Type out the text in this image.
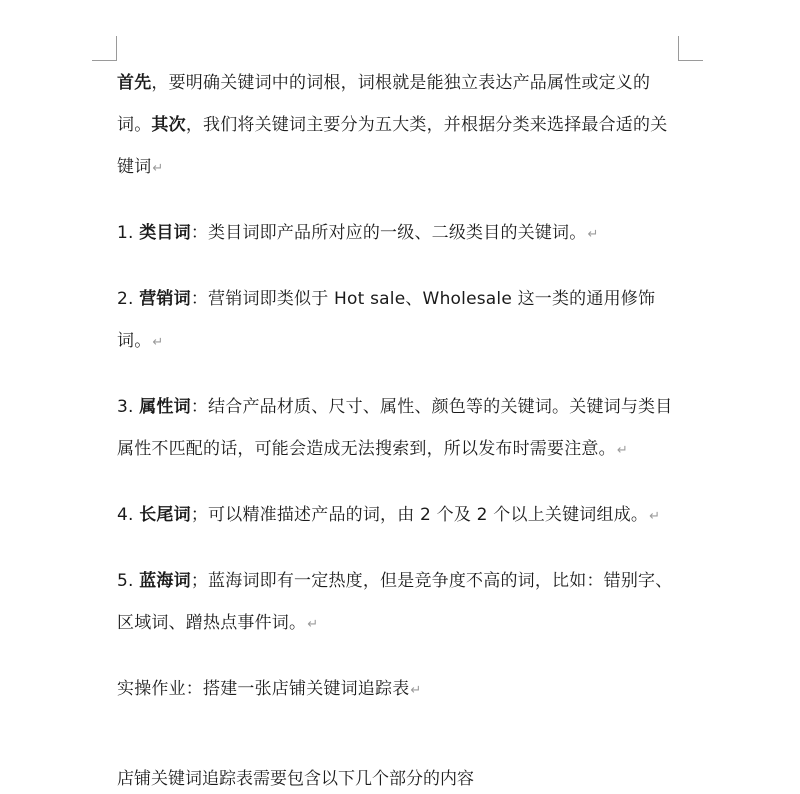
首先，要明确关键词中的词根，词根就是能独立表达产品属性或定义的词。其次，我们将关键词主要分为五大类，并根据分类来选择最合适的关键词↵

1. 类目词：类目词即产品所对应的一级、二级类目的关键词。↵

2. 营销词：营销词即类似于 Hot sale、Wholesale 这一类的通用修饰词。↵

3. 属性词：结合产品材质、尺寸、属性、颜色等的关键词。关键词与类目属性不匹配的话，可能会造成无法搜索到，所以发布时需要注意。↵

4. 长尾词；可以精准描述产品的词，由 2 个及 2 个以上关键词组成。↵

5. 蓝海词；蓝海词即有一定热度，但是竞争度不高的词，比如：错别字、区域词、蹭热点事件词。↵

实操作业：搭建一张店铺关键词追踪表↵

店铺关键词追踪表需要包含以下几个部分的内容
